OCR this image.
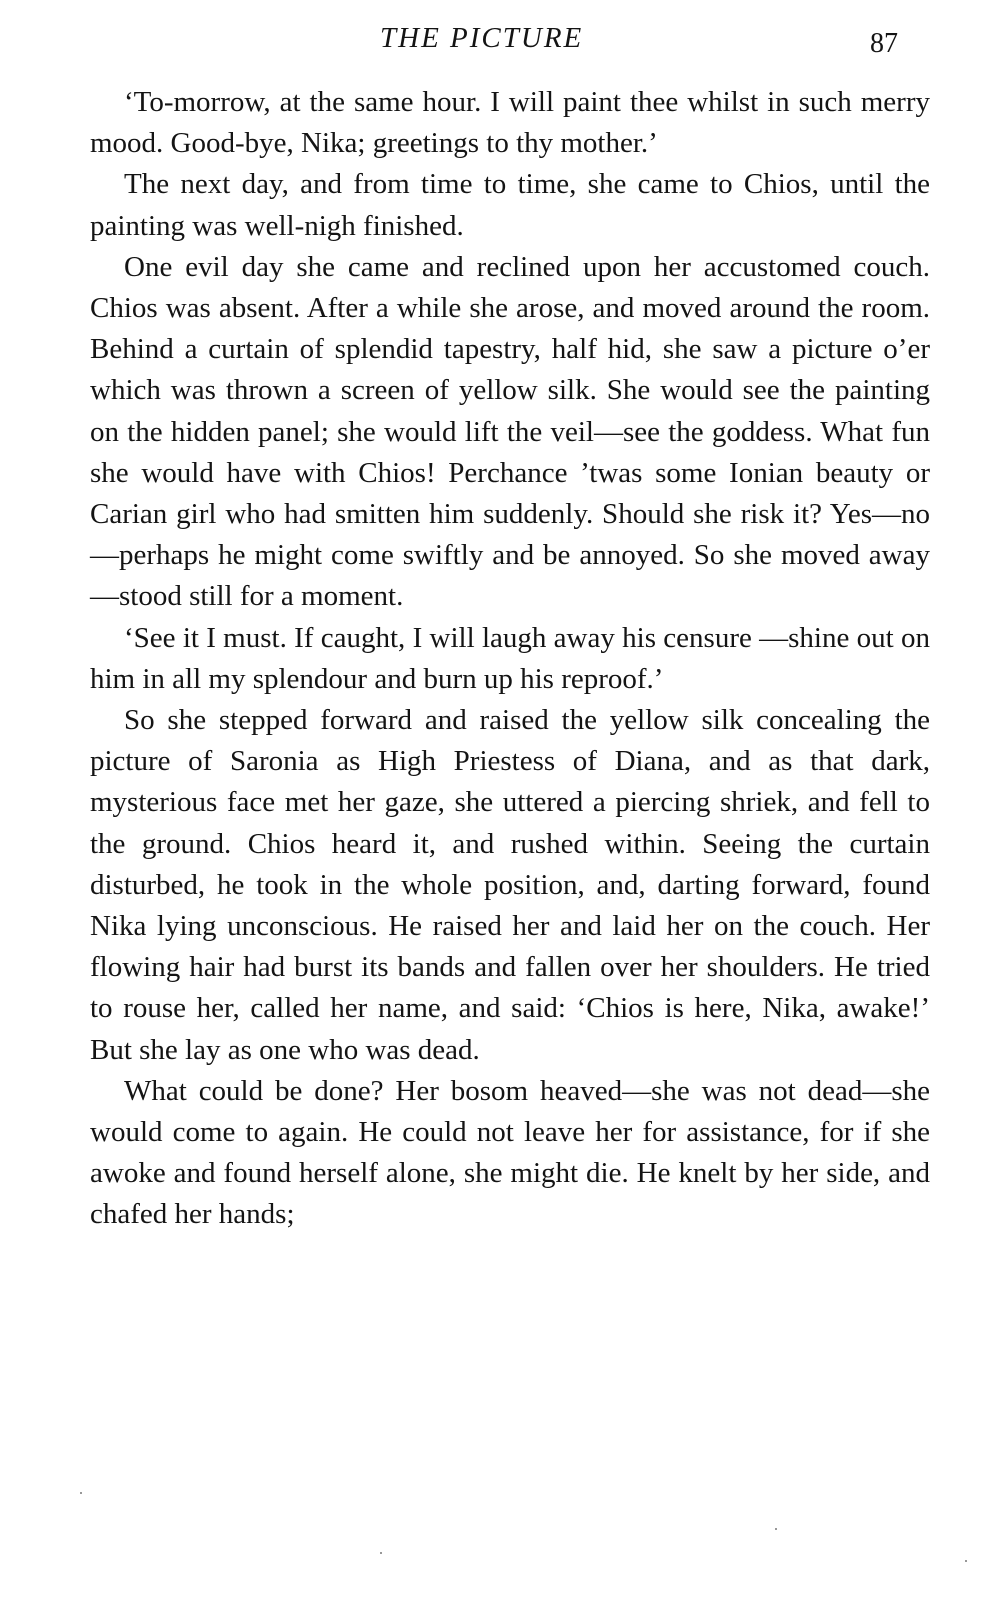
THE PICTURE	87

‘To-morrow, at the same hour. I will paint thee whilst in such merry mood. Good-bye, Nika; greetings to thy mother.’

The next day, and from time to time, she came to Chios, until the painting was well-nigh finished.

One evil day she came and reclined upon her accustomed couch. Chios was absent. After a while she arose, and moved around the room. Behind a curtain of splendid tapestry, half hid, she saw a picture o’er which was thrown a screen of yellow silk. She would see the painting on the hidden panel; she would lift the veil—see the goddess. What fun she would have with Chios! Perchance ’twas some Ionian beauty or Carian girl who had smitten him suddenly. Should she risk it? Yes—no—perhaps he might come swiftly and be annoyed. So she moved away —stood still for a moment.

‘See it I must. If caught, I will laugh away his censure —shine out on him in all my splendour and burn up his reproof.’

So she stepped forward and raised the yellow silk concealing the picture of Saronia as High Priestess of Diana, and as that dark, mysterious face met her gaze, she uttered a piercing shriek, and fell to the ground. Chios heard it, and rushed within. Seeing the curtain disturbed, he took in the whole position, and, darting forward, found Nika lying unconscious. He raised her and laid her on the couch. Her flowing hair had burst its bands and fallen over her shoulders. He tried to rouse her, called her name, and said: ‘Chios is here, Nika, awake!’ But she lay as one who was dead.

What could be done? Her bosom heaved—she was not dead—she would come to again. He could not leave her for assistance, for if she awoke and found herself alone, she might die. He knelt by her side, and chafed her hands;
